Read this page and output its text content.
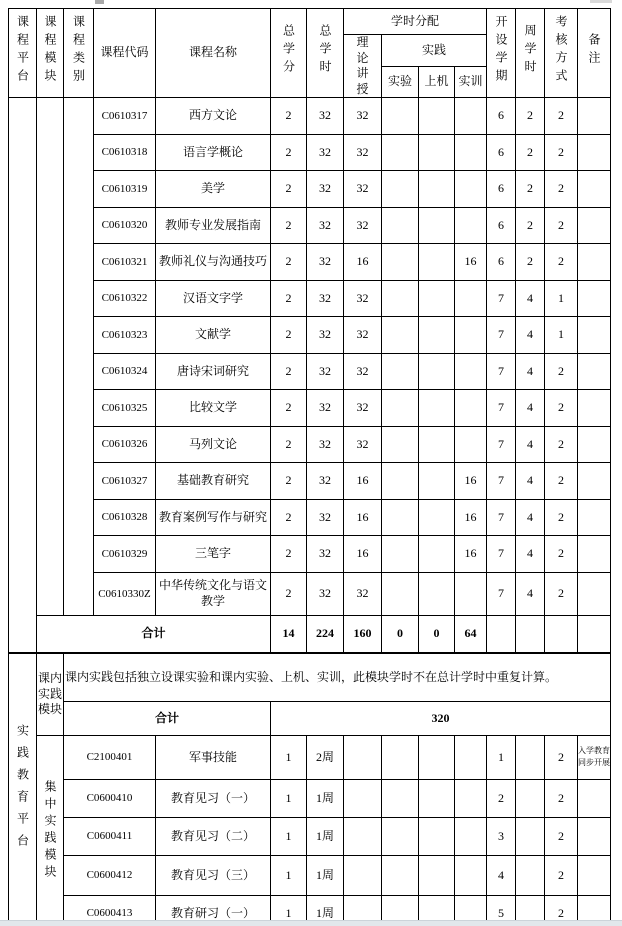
课程平台	课程模块	课程类别	课程代码	课程名称	总学分	总学时	学时分配				开设学期	周学时	考核方式	备注
							理论讲授	实践						
								实验	上机	实训				
			C0610317	西方文论	2	32	32				6	2	2	
			C0610318	语言学概论	2	32	32				6	2	2	
			C0610319	美学	2	32	32				6	2	2	
			C0610320	教师专业发展指南	2	32	32				6	2	2	
			C0610321	教师礼仪与沟通技巧	2	32	16			16	6	2	2	
			C0610322	汉语文字学	2	32	32				7	4	1	
			C0610323	文献学	2	32	32				7	4	1	
			C0610324	唐诗宋词研究	2	32	32				7	4	2	
			C0610325	比较文学	2	32	32				7	4	2	
			C0610326	马列文论	2	32	32				7	4	2	
			C0610327	基础教育研究	2	32	16			16	7	4	2	
			C0610328	教育案例写作与研究	2	32	16			16	7	4	2	
			C0610329	三笔字	2	32	16			16	7	4	2	
			C0610330Z	中华传统文化与语文教学	2	32	32				7	4	2	
	合计				14	224	160	0	0	64				
实践教育平台	课内实践模块	课内实践包括独立设课实验和课内实验、上机、实训，此模块学时不在总计学时中重复计算。												
		合计			320									
	集中实践模块	C2100401		军事技能	1	2周					1		2	入学教育同步开展
		C0600410		教育见习（一）	1	1周					2		2	
		C0600411		教育见习（二）	1	1周					3		2	
		C0600412		教育见习（三）	1	1周					4		2	
		C0600413		教育研习（一）	1	1周					5		2	
